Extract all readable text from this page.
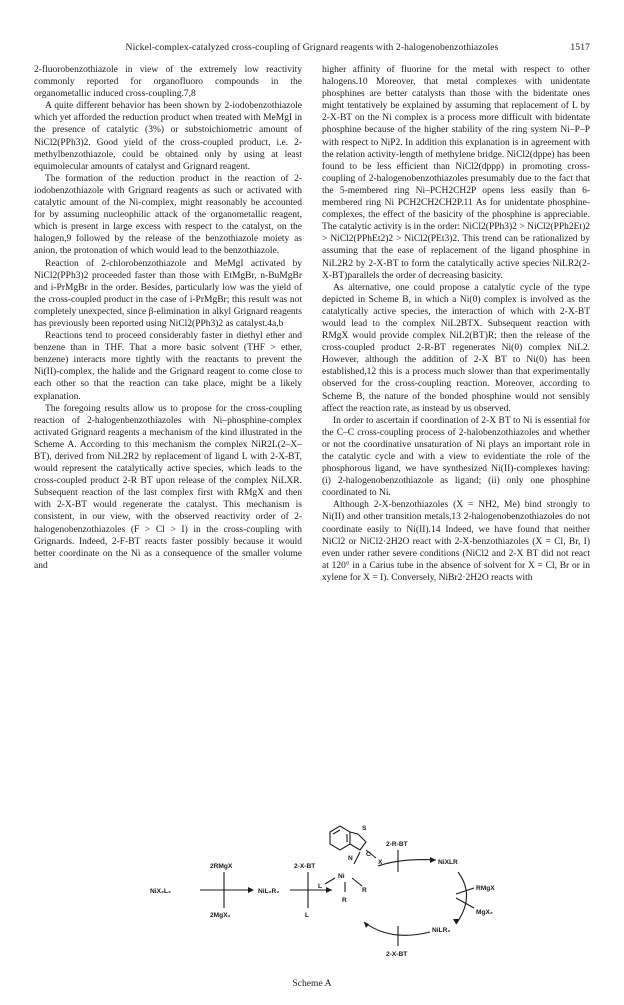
Nickel-complex-catalyzed cross-coupling of Grignard reagents with 2-halogenobenzothiazoles	1517

2-fluorobenzothiazole in view of the extremely low reactivity commonly reported for organofluoro compounds in the organometallic induced cross-coupling.7,8

A quite different behavior has been shown by 2-iodobenzothiazole which yet afforded the reduction product when treated with MeMgI in the presence of catalytic (3%) or substoichiometric amount of NiCl2(PPh3)2. Good yield of the cross-coupled product, i.e. 2-methylbenzothiazole, could be obtained only by using at least equimolecular amounts of catalyst and Grignard reagent.

The formation of the reduction product in the reaction of 2-iodobenzothiazole with Grignard reagents as such or activated with catalytic amount of the Ni-complex, might reasonably be accounted for by assuming nucleophilic attack of the organometallic reagent, which is present in large excess with respect to the catalyst, on the halogen,9 followed by the release of the benzothiazole moiety as anion, the protonation of which would lead to the benzothiazole.

Reaction of 2-chlorobenzothiazole and MeMgI activated by NiCl2(PPh3)2 proceeded faster than those with EtMgBr, n-BuMgBr and i-PrMgBr in the order. Besides, particularly low was the yield of the cross-coupled product in the case of i-PrMgBr; this result was not completely unexpected, since β-elimination in alkyl Grignard reagents has previously been reported using NiCl2(PPh3)2 as catalyst.4a,b

Reactions tend to proceed considerably faster in diethyl ether and benzene than in THF. That a more basic solvent (THF > ether, benzene) interacts more tightly with the reactants to prevent the Ni(II)-complex, the halide and the Grignard reagent to come close to each other so that the reaction can take place, might be a likely explanation.

The foregoing results allow us to propose for the cross-coupling reaction of 2-halogenbenzothiazoles with Ni–phosphine-complex activated Grignard reagents a mechanism of the kind illustrated in the Scheme A. According to this mechanism the complex NiR2L(2–X–BT), derived from NiL2R2 by replacement of ligand L with 2-X-BT, would represent the catalytically active species, which leads to the cross-coupled product 2-R BT upon release of the complex NiLXR. Subsequent reaction of the last complex first with RMgX and then with 2-X-BT would regenerate the catalyst. This mechanism is consistent, in our view, with the observed reactivity order of 2-halogenobenzothiazoles (F > Cl > I) in the cross-coupling with Grignards. Indeed, 2-F-BT reacts faster possibly because it would better coordinate on the Ni as a consequence of the smaller volume and

higher affinity of fluorine for the metal with respect to other halogens.10 Moreover, that metal complexes with unidentate phosphines are better catalysts than those with the bidentate ones might tentatively be explained by assuming that replacement of L by 2-X-BT on the Ni complex is a process more difficult with bidentate phosphine because of the higher stability of the ring system Ni–P–P with respect to NiP2. In addition this explanation is in agreement with the relation activity-length of methylene bridge. NiCl2(dppe) has been found to be less efficient than NiCl2(dppp) in promoting cross-coupling of 2-halogenobenzothiazoles presumably due to the fact that the 5-membered ring Ni–PCH2CH2P opens less easily than 6-membered ring Ni PCH2CH2CH2P.11 As for unidentate phosphine-complexes, the effect of the basicity of the phosphine is appreciable. The catalytic activity is in the order: NiCl2(PPh3)2 > NiCl2(PPh2Et)2 > NiCl2(PPhEt2)2 > NiCl2(PEt3)2. This trend can be rationalized by assuming that the ease of replacement of the ligand phosphine in NiL2R2 by 2-X-BT to form the catalytically active species NiLR2(2-X-BT)parallels the order of decreasing basicity.

As alternative, one could propose a catalytic cycle of the type depicted in Scheme B, in which a Ni(0) complex is involved as the catalytically active species, the interaction of which with 2-X-BT would lead to the complex NiL2BTX. Subsequent reaction with RMgX would provide complex NiL2(BT)R; then the release of the cross-coupled product 2-R-BT regenerates Ni(0) complex NiL2. However, although the addition of 2-X BT to Ni(0) has been established,12 this is a process much slower than that experimentally observed for the cross-coupling reaction. Moreover, according to Scheme B, the nature of the bonded phosphine would not sensibly affect the reaction rate, as instead by us observed.

In order to ascertain if coordination of 2-X BT to Ni is essential for the C–C cross-coupling process of 2-halobenzothiazoles and whether or not the coordinative unsaturation of Ni plays an important role in the catalytic cycle and with a view to evidentiate the role of the phosphorous ligand, we have synthesized Ni(II)-complexes having: (i) 2-halogenobenzothiazole as ligand; (ii) only one phosphine coordinated to Ni.

Although 2-X-benzothiazoles (X = NH2, Me) bind strongly to Ni(II) and other transition metals,13 2-halogenobenzothiazoles do not coordinate easily to Ni(II).14 Indeed, we have found that neither NiCl2 or NiCl2·2H2O react with 2-X-benzothiazoles (X = Cl, Br, I) even under rather severe conditions (NiCl2 and 2-X BT did not react at 120° in a Carius tube in the absence of solvent for X = Cl, Br or in xylene for X = I). Conversely, NiBr2·2H2O reacts with

NiX₂L₂
2RMgX
2MgX₂
NiL₂R₂
2-X-BT
L
2-R-BT
NiXLR
RMgX
NiLR₂
MgX₂
2-X-BT
N
S
C
X
Ni
L
R
R
Scheme A
